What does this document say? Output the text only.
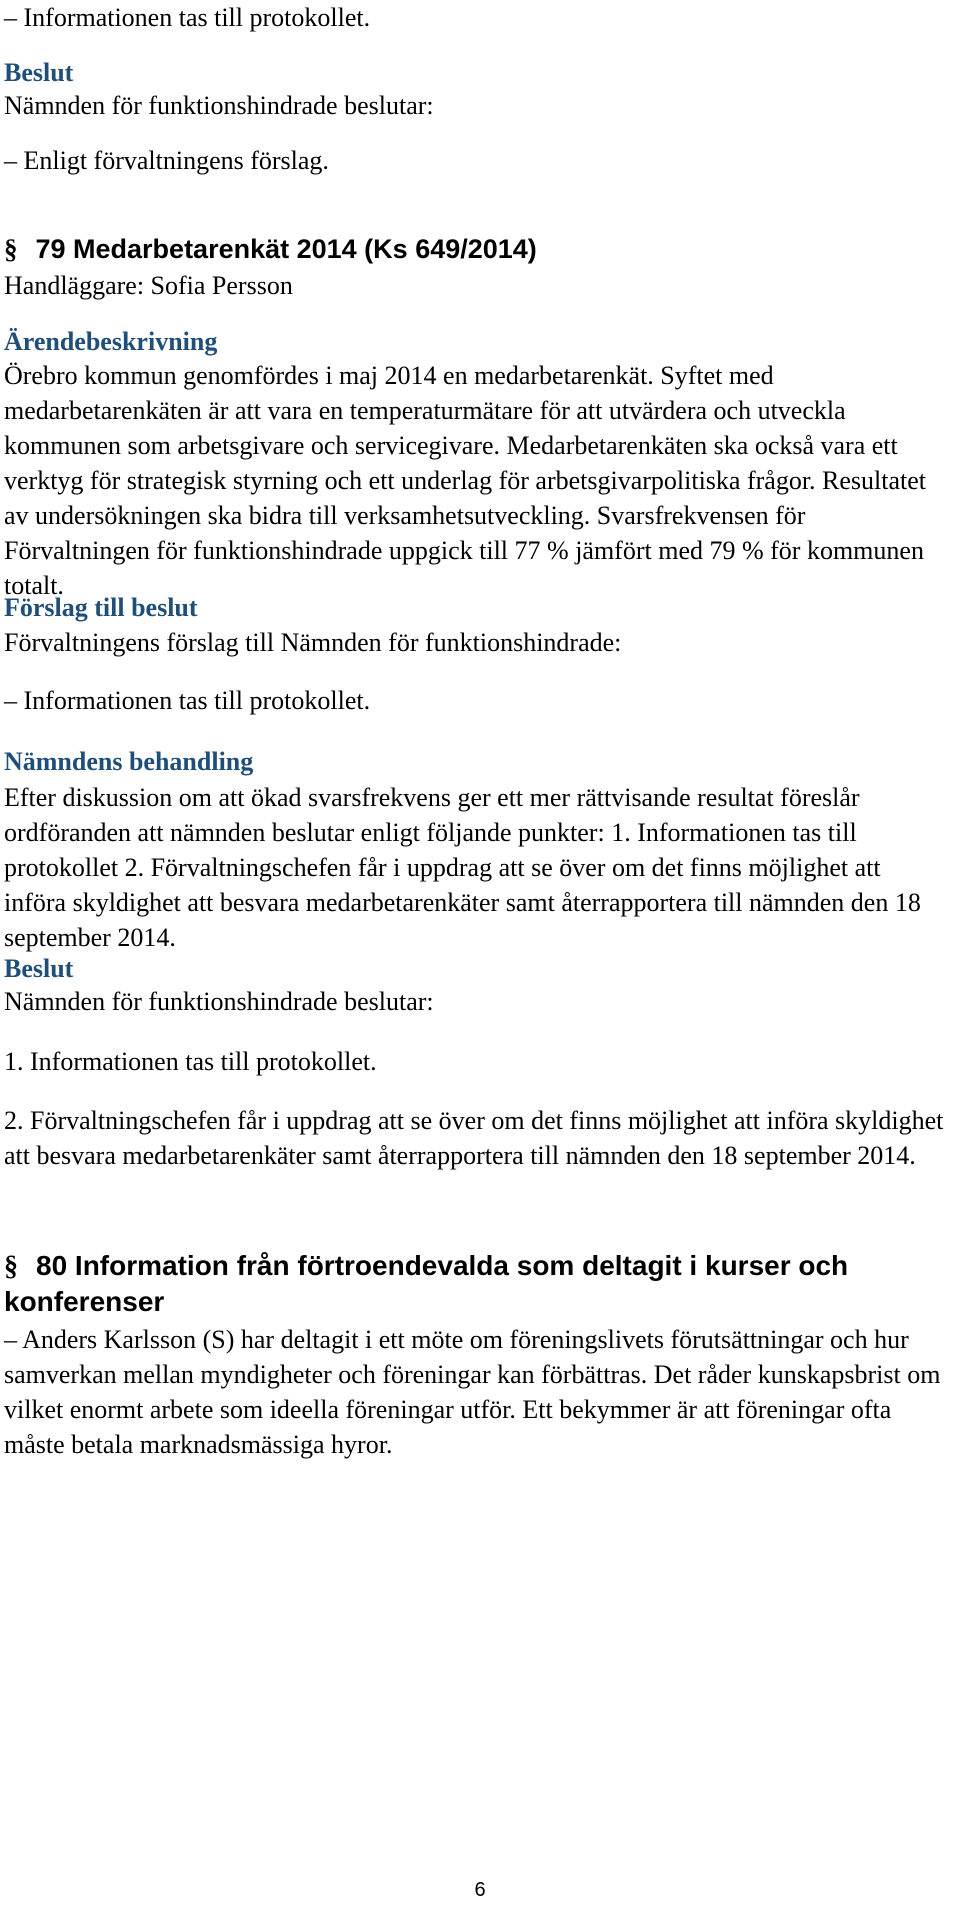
– Informationen tas till protokollet.

Beslut

Nämnden för funktionshindrade beslutar:

– Enligt förvaltningens förslag.

§ 79 Medarbetarenkät 2014 (Ks 649/2014)

Handläggare: Sofia Persson

Ärendebeskrivning

Örebro kommun genomfördes i maj 2014 en medarbetarenkät. Syftet med medarbetarenkäten är att vara en temperaturmätare för att utvärdera och utveckla kommunen som arbetsgivare och servicegivare. Medarbetarenkäten ska också vara ett verktyg för strategisk styrning och ett underlag för arbetsgivarpolitiska frågor. Resultatet av undersökningen ska bidra till verksamhetsutveckling. Svarsfrekvensen för Förvaltningen för funktionshindrade uppgick till 77 % jämfört med 79 % för kommunen totalt.

Förslag till beslut

Förvaltningens förslag till Nämnden för funktionshindrade:

– Informationen tas till protokollet.

Nämndens behandling

Efter diskussion om att ökad svarsfrekvens ger ett mer rättvisande resultat föreslår ordföranden att nämnden beslutar enligt följande punkter: 1. Informationen tas till protokollet 2. Förvaltningschefen får i uppdrag att se över om det finns möjlighet att införa skyldighet att besvara medarbetarenkäter samt återrapportera till nämnden den 18 september 2014.

Beslut

Nämnden för funktionshindrade beslutar:

1. Informationen tas till protokollet.

2. Förvaltningschefen får i uppdrag att se över om det finns möjlighet att införa skyldighet att besvara medarbetarenkäter samt återrapportera till nämnden den 18 september 2014.

§ 80 Information från förtroendevalda som deltagit i kurser och konferenser

– Anders Karlsson (S) har deltagit i ett möte om föreningslivets förutsättningar och hur samverkan mellan myndigheter och föreningar kan förbättras. Det råder kunskapsbrist om vilket enormt arbete som ideella föreningar utför. Ett bekymmer är att föreningar ofta måste betala marknadsmässiga hyror.

6
